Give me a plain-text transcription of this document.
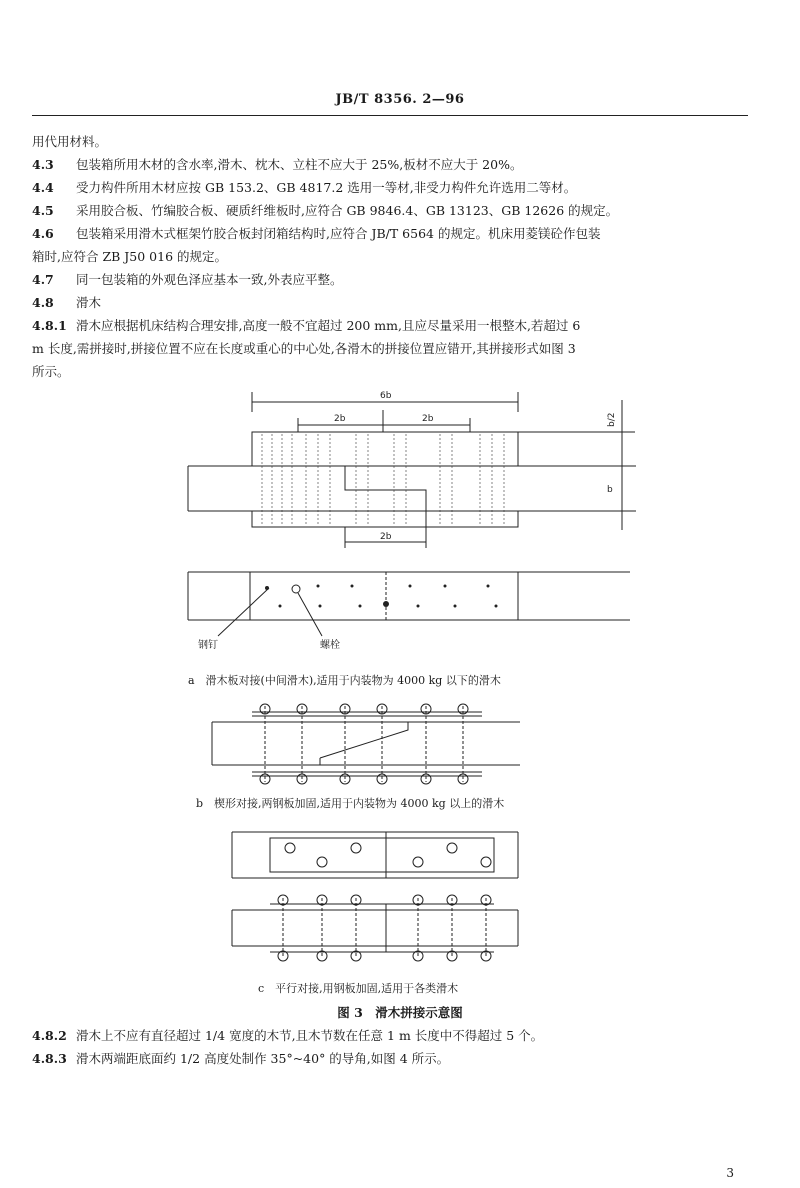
JB/T 8356. 2—96
用代用材料。
4.3 包装箱所用木材的含水率,滑木、枕木、立柱不应大于 25%,板材不应大于 20%。
4.4 受力构件所用木材应按 GB 153.2、GB 4817.2 选用一等材,非受力构件允许选用二等材。
4.5 采用胶合板、竹编胶合板、硬质纤维板时,应符合 GB 9846.4、GB 13123、GB 12626 的规定。
4.6 包装箱采用滑木式框架竹胶合板封闭箱结构时,应符合 JB/T 6564 的规定。机床用菱镁砼作包装
箱时,应符合 ZB J50 016 的规定。
4.7 同一包装箱的外观色泽应基本一致,外表应平整。
4.8 滑木
4.8.1 滑木应根据机床结构合理安排,高度一般不宜超过 200 mm,且应尽量采用一根整木,若超过 6
m 长度,需拼接时,拼接位置不应在长度或重心的中心处,各滑木的拼接位置应错开,其拼接形式如图 3
所示。
6b
2b	2b
2b
b
b/2
钢钉	螺栓
a　滑木板对接(中间滑木),适用于内装物为 4000 kg 以下的滑木
b　楔形对接,两钢板加固,适用于内装物为 4000 kg 以上的滑木
c　平行对接,用钢板加固,适用于各类滑木
图 3　滑木拼接示意图
4.8.2 滑木上不应有直径超过 1/4 宽度的木节,且木节数在任意 1 m 长度中不得超过 5 个。
4.8.3 滑木两端距底面约 1/2 高度处制作 35°~40° 的导角,如图 4 所示。
3
